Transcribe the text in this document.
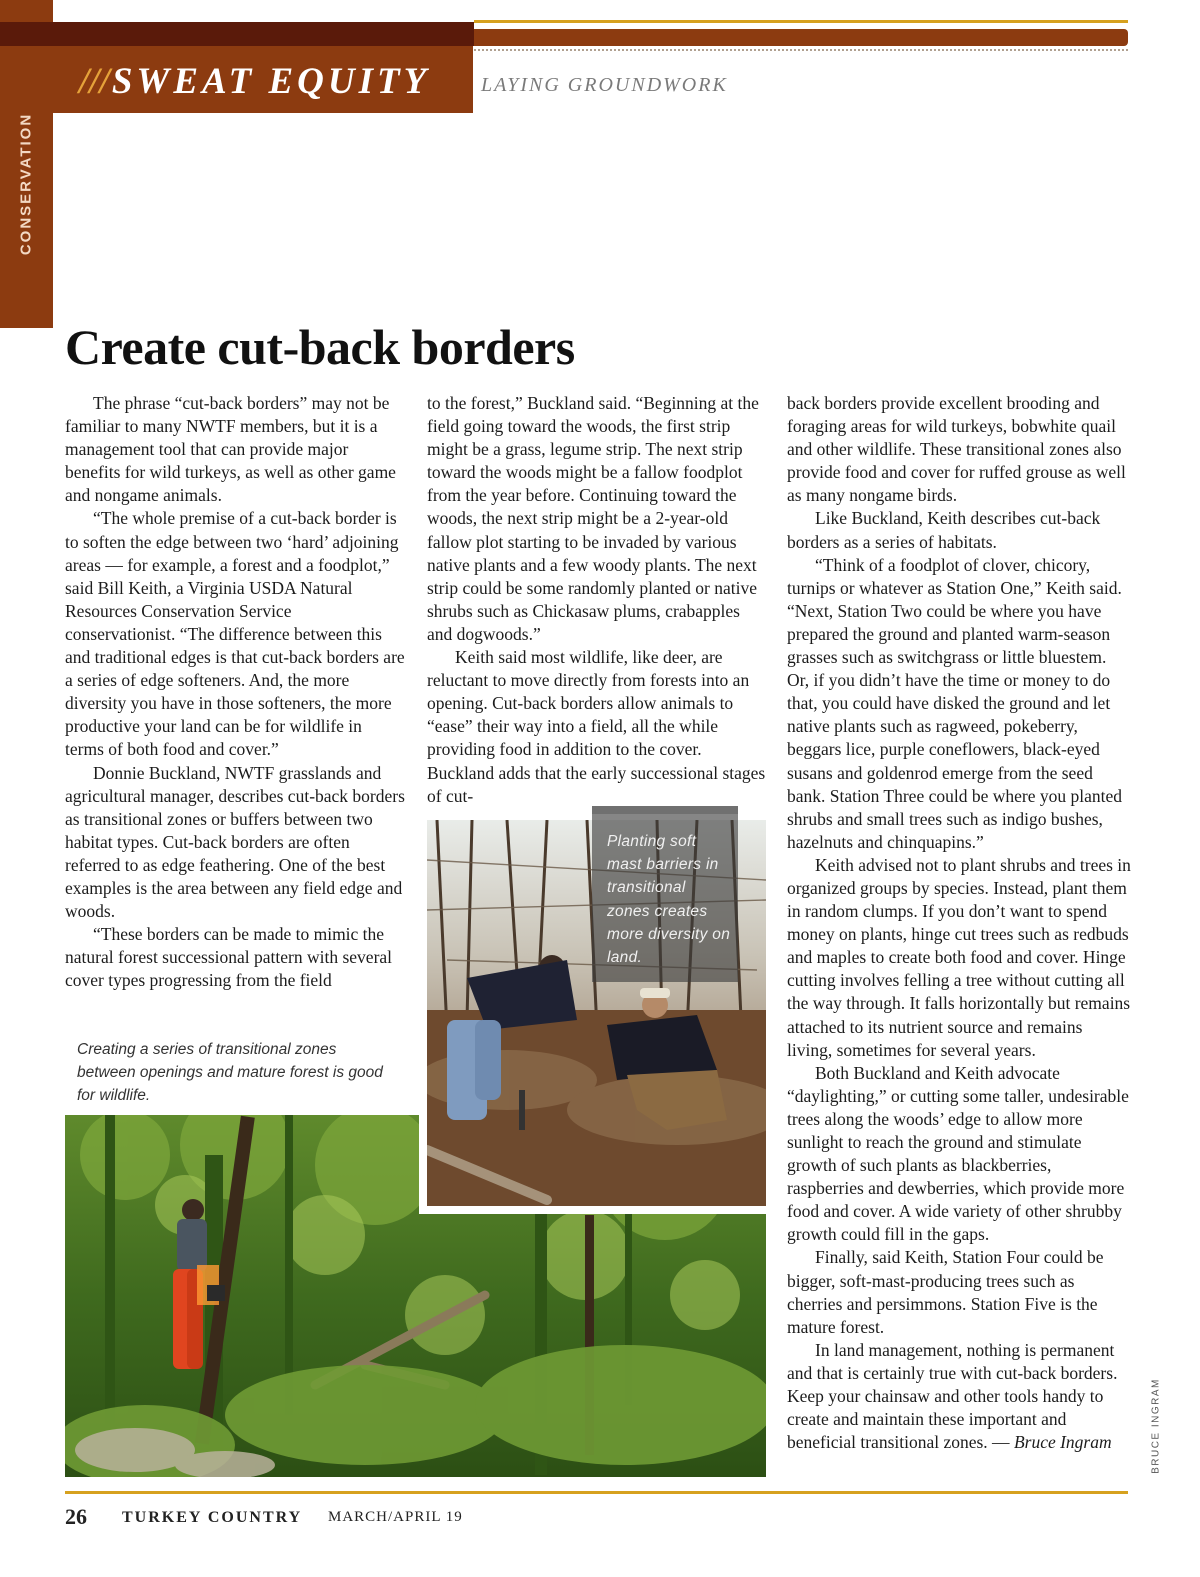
CONSERVATION
///SWEAT EQUITY	LAYING GROUNDWORK
Create cut-back borders

The phrase “cut-back borders” may not be familiar to many NWTF members, but it is a management tool that can provide major benefits for wild turkeys, as well as other game and nongame animals.

“The whole premise of a cut-back border is to soften the edge between two ‘hard’ adjoining areas — for example, a forest and a foodplot,” said Bill Keith, a Virginia USDA Natural Resources Conservation Service conservationist. “The difference between this and traditional edges is that cut-back borders are a series of edge softeners. And, the more diversity you have in those softeners, the more productive your land can be for wildlife in terms of both food and cover.”

Donnie Buckland, NWTF grasslands and agricultural manager, describes cut-back borders as transitional zones or buffers between two habitat types. Cut-back borders are often referred to as edge feathering. One of the best examples is the area between any field edge and woods.

“These borders can be made to mimic the natural forest successional pattern with several cover types progressing from the field

to the forest,” Buckland said. “Beginning at the field going toward the woods, the first strip might be a grass, legume strip. The next strip toward the woods might be a fallow foodplot from the year before. Continuing toward the woods, the next strip might be a 2-year-old fallow plot starting to be invaded by various native plants and a few woody plants. The next strip could be some randomly planted or native shrubs such as Chickasaw plums, crabapples and dogwoods.”

Keith said most wildlife, like deer, are reluctant to move directly from forests into an opening. Cut-back borders allow animals to “ease” their way into a field, all the while providing food in addition to the cover. Buckland adds that the early successional stages of cut-

back borders provide excellent brooding and foraging areas for wild turkeys, bobwhite quail and other wildlife. These transitional zones also provide food and cover for ruffed grouse as well as many nongame birds.

Like Buckland, Keith describes cut-back borders as a series of habitats.

“Think of a foodplot of clover, chicory, turnips or whatever as Station One,” Keith said. “Next, Station Two could be where you have prepared the ground and planted warm-season grasses such as switchgrass or little bluestem. Or, if you didn’t have the time or money to do that, you could have disked the ground and let native plants such as ragweed, pokeberry, beggars lice, purple coneflowers, black-eyed susans and goldenrod emerge from the seed bank. Station Three could be where you planted shrubs and small trees such as indigo bushes, hazelnuts and chinquapins.”

Keith advised not to plant shrubs and trees in organized groups by species. Instead, plant them in random clumps. If you don’t want to spend money on plants, hinge cut trees such as redbuds and maples to create both food and cover. Hinge cutting involves felling a tree without cutting all the way through. It falls horizontally but remains attached to its nutrient source and remains living, sometimes for several years.

Both Buckland and Keith advocate “daylighting,” or cutting some taller, undesirable trees along the woods’ edge to allow more sunlight to reach the ground and stimulate growth of such plants as blackberries, raspberries and dewberries, which provide more food and cover. A wide variety of other shrubby growth could fill in the gaps.

Finally, said Keith, Station Four could be bigger, soft-mast-producing trees such as cherries and persimmons. Station Five is the mature forest.

In land management, nothing is permanent and that is certainly true with cut-back borders. Keep your chainsaw and other tools handy to create and maintain these important and beneficial transitional zones. — Bruce Ingram

Creating a series of transitional zones between openings and mature forest is good for wildlife.
Planting soft mast barriers in transitional zones creates more diversity on land.
BRUCE INGRAM
26 TURKEY COUNTRY MARCH/APRIL 19
